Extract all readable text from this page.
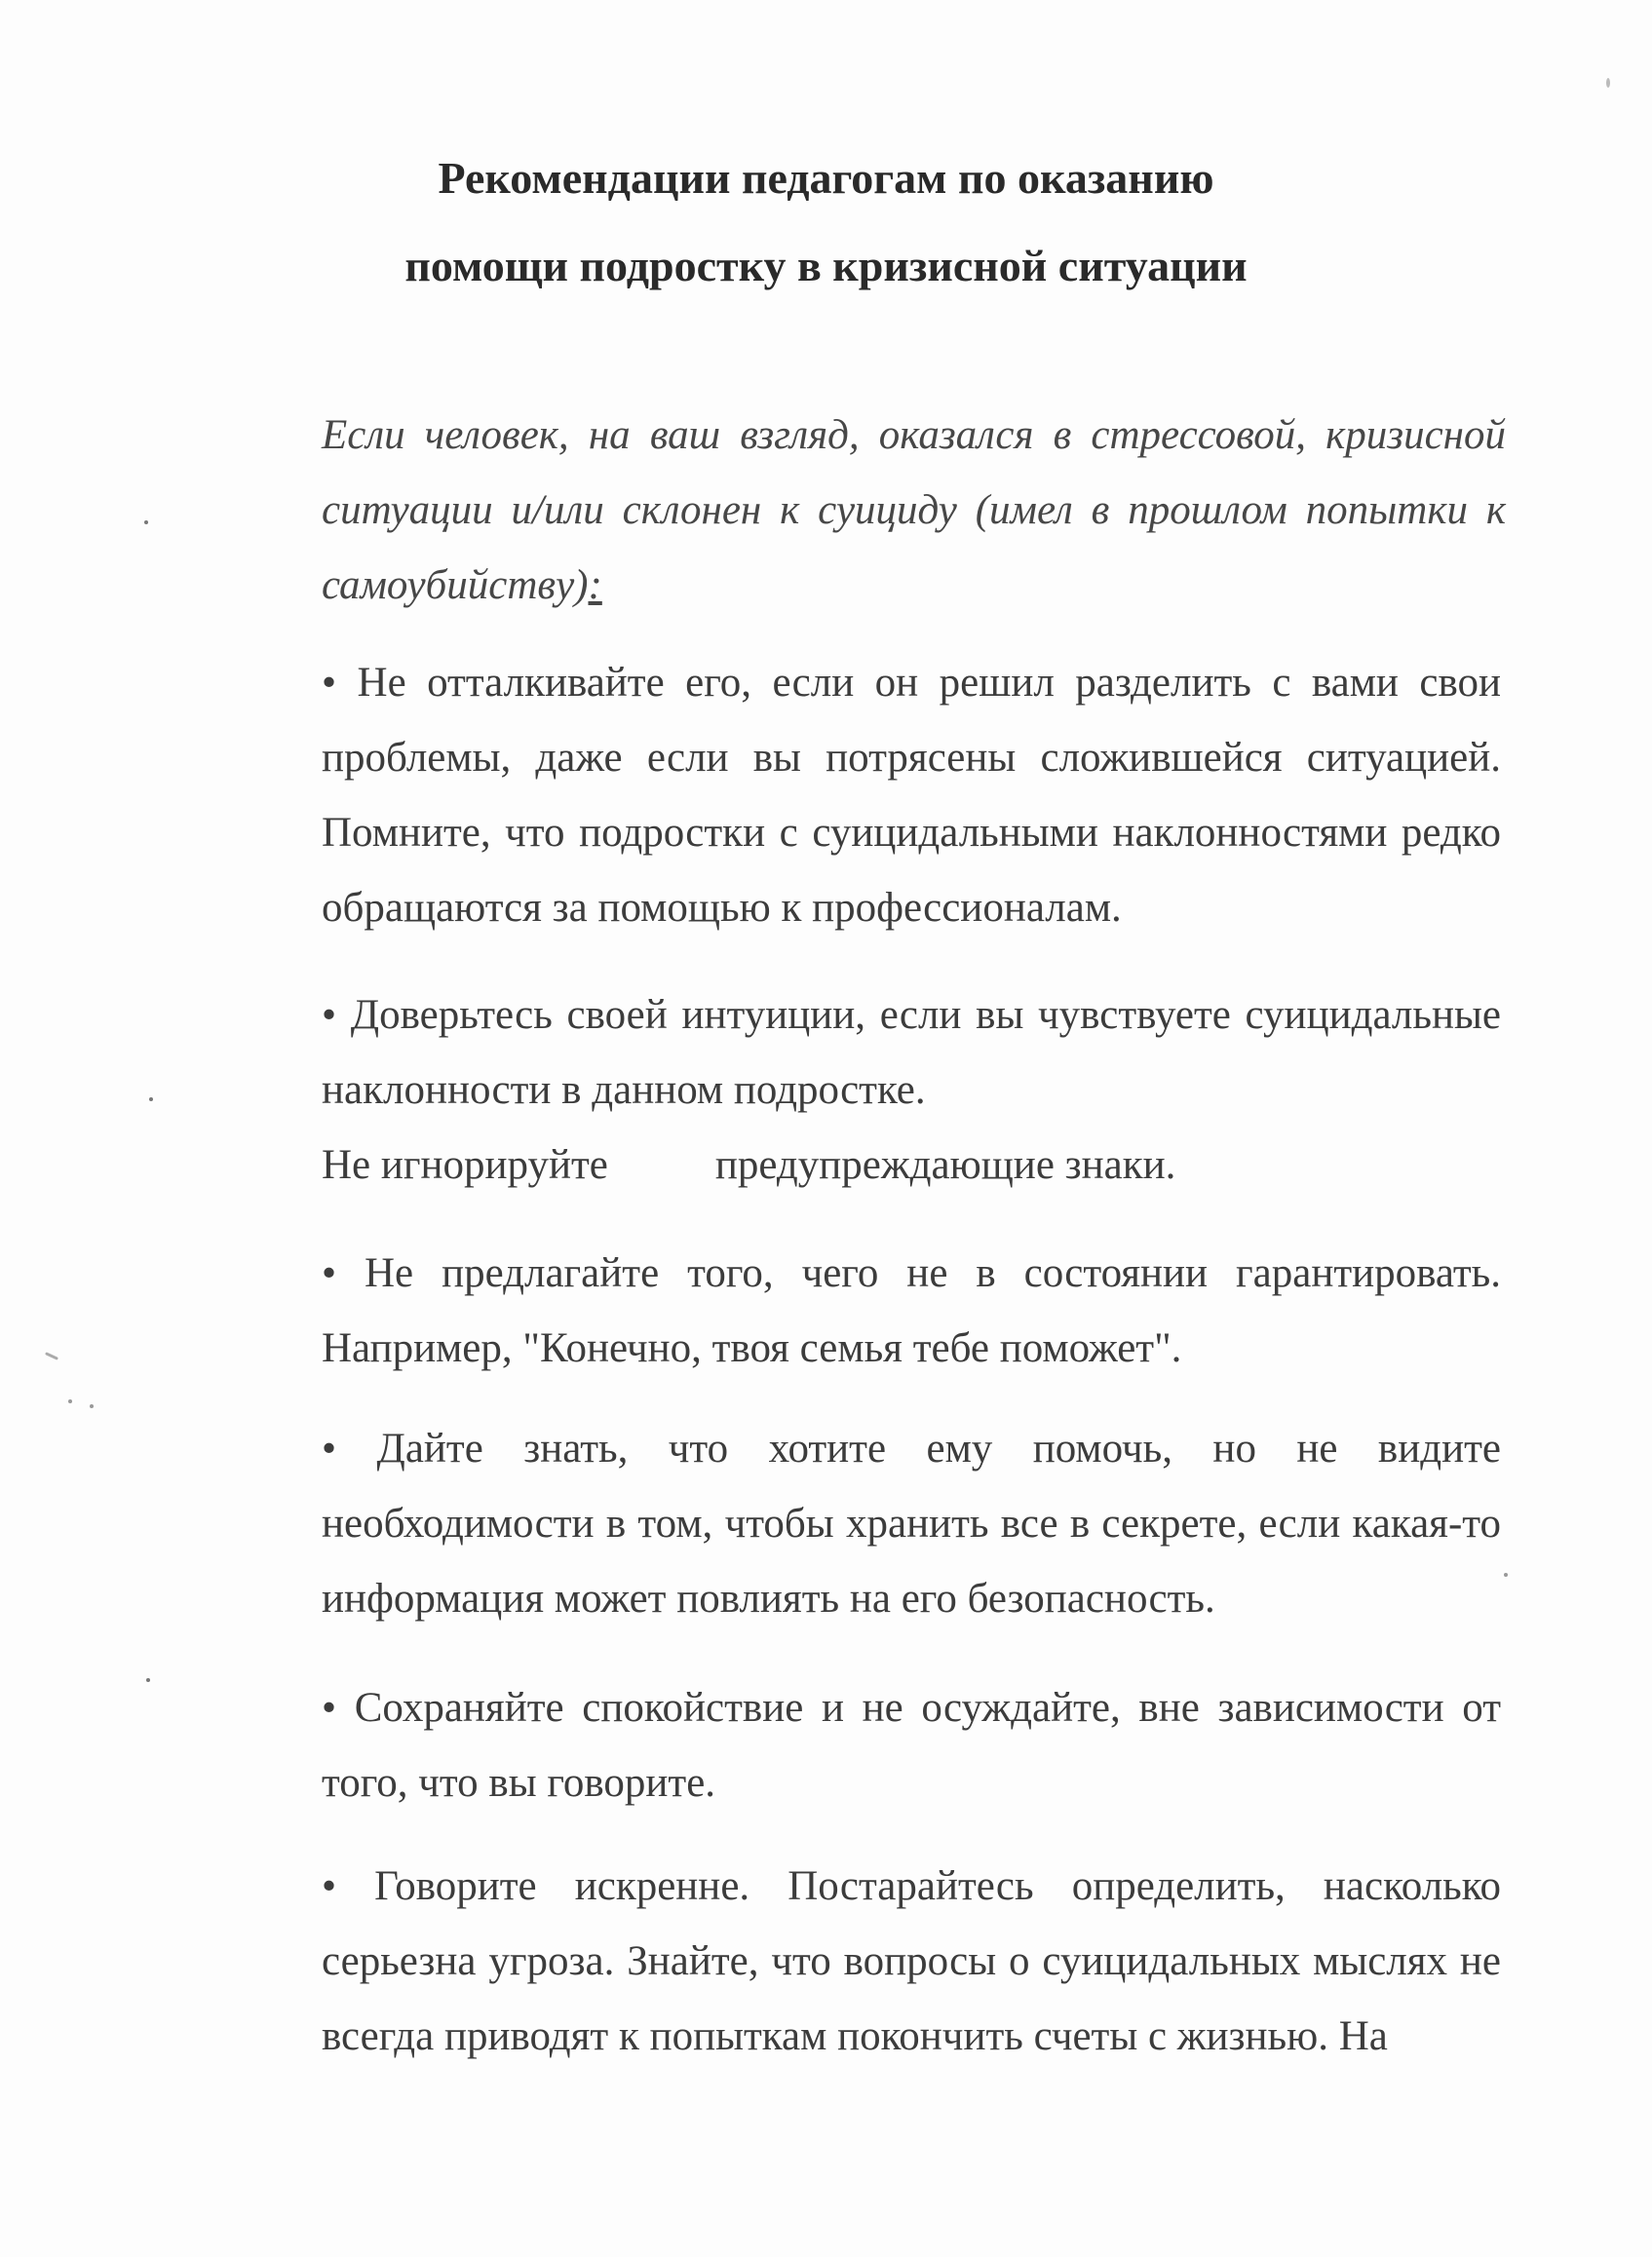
Рекомендации педагогам по оказанию
помощи подростку в кризисной ситуации
Если человек, на ваш взгляд, оказался в стрессовой, кризисной ситуации и/или склонен к суициду (имел в прошлом попытки к самоубийству):
• Не отталкивайте его, если он решил разделить с вами свои проблемы, даже если вы потрясены сложившейся ситуацией. Помните, что подростки с суицидальными наклонностями редко обращаются за помощью к профессионалам.
• Доверьтесь своей интуиции, если вы чувствуете суицидальные наклонности в данном подростке.
Не игнорируйте	предупреждающие знаки.
• Не предлагайте того, чего не в состоянии гарантировать. Например, "Конечно, твоя семья тебе поможет".
• Дайте знать, что хотите ему помочь, но не видите необходимости в том, чтобы хранить все в секрете, если какая-то информация может повлиять на его безопасность.
• Сохраняйте спокойствие и не осуждайте, вне зависимости от того, что вы говорите.
• Говорите искренне. Постарайтесь определить, насколько серьезна угроза. Знайте, что вопросы о суицидальных мыслях не всегда приводят к попыткам покончить счеты с жизнью. На
